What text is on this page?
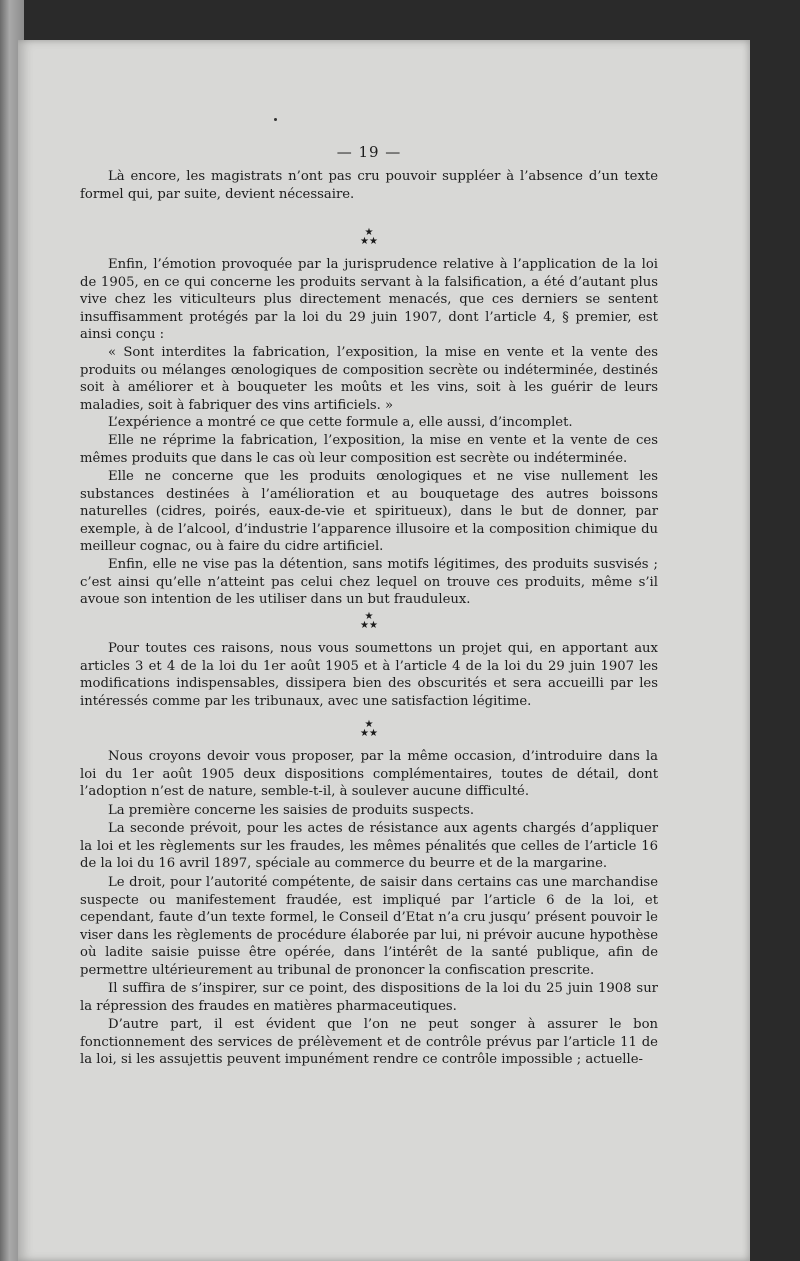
— 19 —

Là encore, les magistrats n’ont pas cru pouvoir suppléer à l’absence d’un texte formel qui, par suite, devient nécessaire.

★
★★

Enfin, l’émotion provoquée par la jurisprudence relative à l’application de la loi de 1905, en ce qui concerne les produits servant à la falsification, a été d’autant plus vive chez les viticulteurs plus directement menacés, que ces derniers se sentent insuffisamment protégés par la loi du 29 juin 1907, dont l’article 4, § premier, est ainsi conçu :

« Sont interdites la fabrication, l’exposition, la mise en vente et la vente des produits ou mélanges œnologiques de composition secrète ou indéterminée, destinés soit à améliorer et à bouqueter les moûts et les vins, soit à les guérir de leurs maladies, soit à fabriquer des vins artificiels. »

L’expérience a montré ce que cette formule a, elle aussi, d’incomplet.

Elle ne réprime la fabrication, l’exposition, la mise en vente et la vente de ces mêmes produits que dans le cas où leur composition est secrète ou indéterminée.

Elle ne concerne que les produits œnologiques et ne vise nullement les substances destinées à l’amélioration et au bouquetage des autres boissons naturelles (cidres, poirés, eaux-de-vie et spiritueux), dans le but de donner, par exemple, à de l’alcool, d’industrie l’apparence illusoire et la composition chimique du meilleur cognac, ou à faire du cidre artificiel.

Enfin, elle ne vise pas la détention, sans motifs légitimes, des produits susvisés ; c’est ainsi qu’elle n’atteint pas celui chez lequel on trouve ces produits, même s’il avoue son intention de les utiliser dans un but frauduleux.

★
★★

Pour toutes ces raisons, nous vous soumettons un projet qui, en apportant aux articles 3 et 4 de la loi du 1er août 1905 et à l’article 4 de la loi du 29 juin 1907 les modifications indispensables, dissipera bien des obscurités et sera accueilli par les intéressés comme par les tribunaux, avec une satisfaction légitime.

★
★★

Nous croyons devoir vous proposer, par la même occasion, d’introduire dans la loi du 1er août 1905 deux dispositions complémentaires, toutes de détail, dont l’adoption n’est de nature, semble-t-il, à soulever aucune difficulté.

La première concerne les saisies de produits suspects.

La seconde prévoit, pour les actes de résistance aux agents chargés d’appliquer la loi et les règlements sur les fraudes, les mêmes pénalités que celles de l’article 16 de la loi du 16 avril 1897, spéciale au commerce du beurre et de la margarine.

Le droit, pour l’autorité compétente, de saisir dans certains cas une marchandise suspecte ou manifestement fraudée, est impliqué par l’article 6 de la loi, et cependant, faute d’un texte formel, le Conseil d’Etat n’a cru jusqu’ présent pouvoir le viser dans les règlements de procédure élaborée par lui, ni prévoir aucune hypothèse où ladite saisie puisse être opérée, dans l’intérêt de la santé publique, afin de permettre ultérieurement au tribunal de prononcer la confiscation prescrite.

Il suffira de s’inspirer, sur ce point, des dispositions de la loi du 25 juin 1908 sur la répression des fraudes en matières pharmaceutiques.

D’autre part, il est évident que l’on ne peut songer à assurer le bon fonctionnement des services de prélèvement et de contrôle prévus par l’article 11 de la loi, si les assujettis peuvent impunément rendre ce contrôle impossible ; actuelle-
